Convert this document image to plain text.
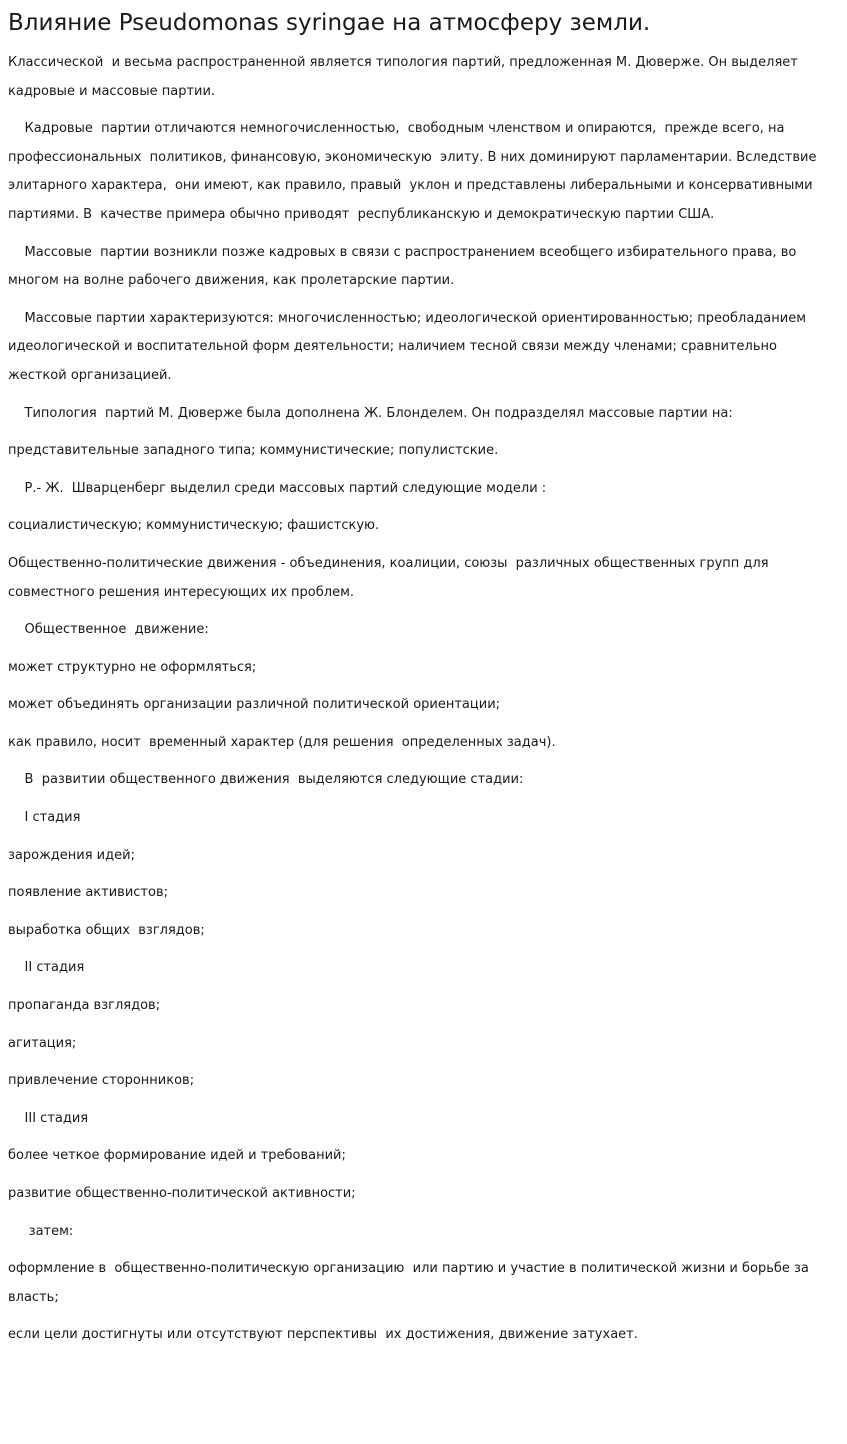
Влияние Pseudomonas syringae на атмосферу земли.

Классической  и весьма распространенной является типология партий, предложенная М. Дюверже. Он выделяет кадровые и массовые партии.

Кадровые  партии отличаются немногочисленностью,  свободным членством и опираются,  прежде всего, на профессиональных  политиков, финансовую, экономическую  элиту. В них доминируют парламентарии. Вследствие элитарного характера,  они имеют, как правило, правый  уклон и представлены либеральными и консервативными партиями. В  качестве примера обычно приводят  республиканскую и демократическую партии США.

Массовые  партии возникли позже кадровых в связи с распространением всеобщего избирательного права, во многом на волне рабочего движения, как пролетарские партии.

Массовые партии характеризуются: многочисленностью; идеологической ориентированностью; преобладанием идеологической и воспитательной форм деятельности; наличием тесной связи между членами; сравнительно жесткой организацией.

Типология  партий М. Дюверже была дополнена Ж. Блонделем. Он подразделял массовые партии на:

представительные западного типа; коммунистические; популистские.

Р.- Ж.  Шварценберг выделил среди массовых партий следующие модели :

социалистическую; коммунистическую; фашистскую.

Общественно-политические движения - объединения, коалиции, союзы  различных общественных групп для совместного решения интересующих их проблем.

Общественное  движение:

может структурно не оформляться;

может объединять организации различной политической ориентации;

как правило, носит  временный характер (для решения  определенных задач).

В  развитии общественного движения  выделяются следующие стадии:

I стадия

зарождения идей;

появление активистов;

выработка общих  взглядов;

II стадия

пропаганда взглядов;

агитация;

привлечение сторонников;

III стадия

более четкое формирование идей и требований;

развитие общественно-политической активности;

затем:

оформление в  общественно-политическую организацию  или партию и участие в политической жизни и борьбе за власть;

если цели достигнуты или отсутствуют перспективы  их достижения, движение затухает.
